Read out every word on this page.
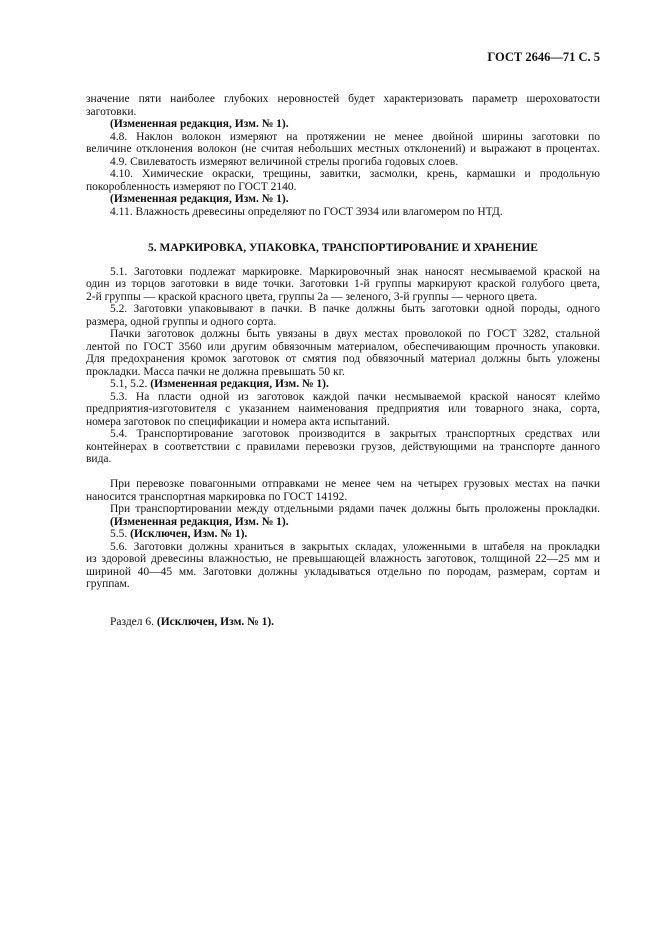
ГОСТ 2646—71 С. 5
значение пяти наиболее глубоких неровностей будет характеризовать параметр шероховатости
заготовки.
(Измененная редакция, Изм. № 1).
4.8. Наклон волокон измеряют на протяжении не менее двойной ширины заготовки по
величине отклонения волокон (не считая небольших местных отклонений) и выражают в процентах.
4.9. Свилеватость измеряют величиной стрелы прогиба годовых слоев.
4.10. Химические окраски, трещины, завитки, засмолки, крень, кармашки и продольную
покоробленность измеряют по ГОСТ 2140.
(Измененная редакция, Изм. № 1).
4.11. Влажность древесины определяют по ГОСТ 3934 или влагомером по НТД.
5. МАРКИРОВКА, УПАКОВКА, ТРАНСПОРТИРОВАНИЕ И ХРАНЕНИЕ
5.1. Заготовки подлежат маркировке. Маркировочный знак наносят несмываемой краской на
один из торцов заготовки в виде точки. Заготовки 1-й группы маркируют краской голубого цвета,
2-й группы — краской красного цвета, группы 2а — зеленого, 3-й группы — черного цвета.
5.2. Заготовки упаковывают в пачки. В пачке должны быть заготовки одной породы, одного
размера, одной группы и одного сорта.
Пачки заготовок должны быть увязаны в двух местах проволокой по ГОСТ 3282, стальной
лентой по ГОСТ 3560 или другим обвязочным материалом, обеспечивающим прочность упаковки.
Для предохранения кромок заготовок от смятия под обвязочный материал должны быть уложены
прокладки. Масса пачки не должна превышать 50 кг.
5.1, 5.2. (Измененная редакция, Изм. № 1).
5.3. На пласти одной из заготовок каждой пачки несмываемой краской наносят клеймо
предприятия-изготовителя с указанием наименования предприятия или товарного знака, сорта,
номера заготовок по спецификации и номера акта испытаний.
5.4. Транспортирование заготовок производится в закрытых транспортных средствах или
контейнерах в соответствии с правилами перевозки грузов, действующими на транспорте данного
вида.
При перевозке повагонными отправками не менее чем на четырех грузовых местах на пачки
наносится транспортная маркировка по ГОСТ 14192.
При транспортировании между отдельными рядами пачек должны быть проложены прокладки.
(Измененная редакция, Изм. № 1).
5.5. (Исключен, Изм. № 1).
5.6. Заготовки должны храниться в закрытых складах, уложенными в штабеля на прокладки
из здоровой древесины влажностью, не превышающей влажность заготовок, толщиной 22—25 мм и
шириной 40—45 мм. Заготовки должны укладываться отдельно по породам, размерам, сортам и
группам.
Раздел 6. (Исключен, Изм. № 1).
